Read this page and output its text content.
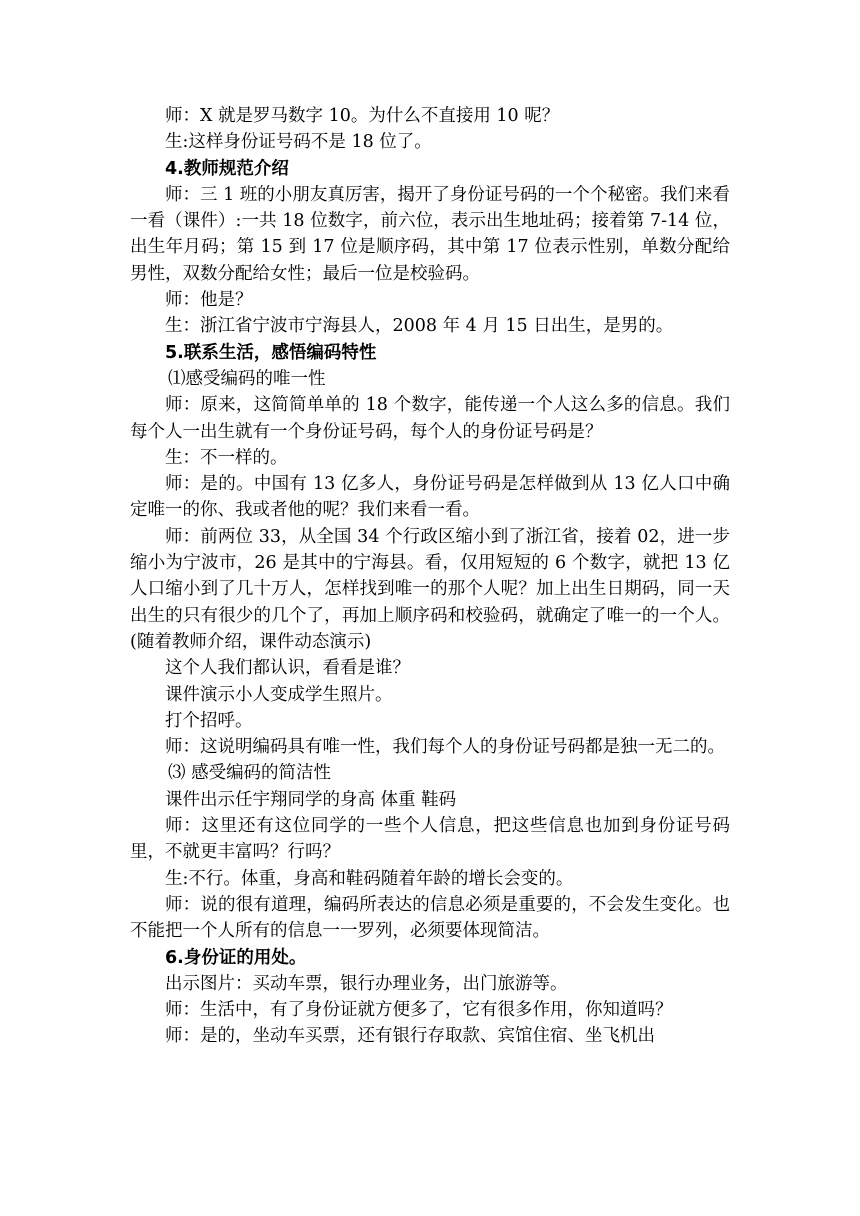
师：X 就是罗马数字 10。为什么不直接用 10 呢？

生:这样身份证号码不是 18 位了。

4.教师规范介绍

师：三 1 班的小朋友真厉害，揭开了身份证号码的一个个秘密。我们来看一看（课件）:一共 18 位数字，前六位，表示出生地址码；接着第 7-14 位，出生年月码；第 15 到 17 位是顺序码，其中第 17 位表示性别，单数分配给男性，双数分配给女性；最后一位是校验码。

师：他是？

生：浙江省宁波市宁海县人，2008 年 4 月 15 日出生，是男的。

5.联系生活，感悟编码特性

⑴感受编码的唯一性

师：原来，这简简单单的 18 个数字，能传递一个人这么多的信息。我们每个人一出生就有一个身份证号码，每个人的身份证号码是？

生：不一样的。

师：是的。中国有 13 亿多人，身份证号码是怎样做到从 13 亿人口中确定唯一的你、我或者他的呢？我们来看一看。

师：前两位 33，从全国 34 个行政区缩小到了浙江省，接着 02，进一步缩小为宁波市，26 是其中的宁海县。看，仅用短短的 6 个数字，就把 13 亿人口缩小到了几十万人，怎样找到唯一的那个人呢？加上出生日期码，同一天出生的只有很少的几个了，再加上顺序码和校验码，就确定了唯一的一个人。(随着教师介绍，课件动态演示)

这个人我们都认识，看看是谁？

课件演示小人变成学生照片。

打个招呼。

师：这说明编码具有唯一性，我们每个人的身份证号码都是独一无二的。

⑶ 感受编码的简洁性

课件出示任宇翔同学的身高 体重 鞋码

师：这里还有这位同学的一些个人信息，把这些信息也加到身份证号码里，不就更丰富吗？行吗？

生:不行。体重，身高和鞋码随着年龄的增长会变的。

师：说的很有道理，编码所表达的信息必须是重要的，不会发生变化。也不能把一个人所有的信息一一罗列，必须要体现简洁。

6.身份证的用处。

出示图片：买动车票，银行办理业务，出门旅游等。

师：生活中，有了身份证就方便多了，它有很多作用，你知道吗？

师：是的，坐动车买票，还有银行存取款、宾馆住宿、坐飞机出
